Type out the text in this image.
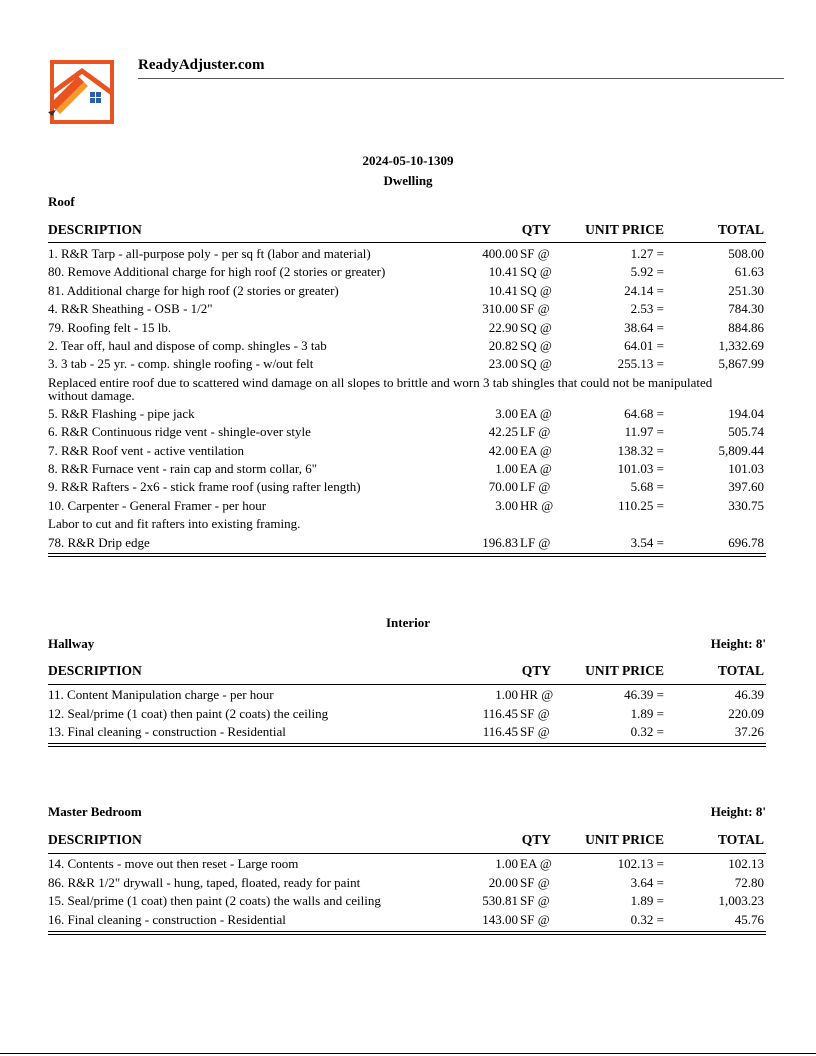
ReadyAdjuster.com
2024-05-10-1309
Dwelling
Roof
DESCRIPTION	QTY	UNIT PRICE	TOTAL
1. R&R Tarp - all-purpose poly - per sq ft (labor and material)	400.00 SF @	1.27 =	508.00
80. Remove Additional charge for high roof (2 stories or greater)	10.41 SQ @	5.92 =	61.63
81. Additional charge for high roof (2 stories or greater)	10.41 SQ @	24.14 =	251.30
4. R&R Sheathing - OSB - 1/2"	310.00 SF @	2.53 =	784.30
79. Roofing felt - 15 lb.	22.90 SQ @	38.64 =	884.86
2. Tear off, haul and dispose of comp. shingles - 3 tab	20.82 SQ @	64.01 =	1,332.69
3. 3 tab - 25 yr. - comp. shingle roofing - w/out felt	23.00 SQ @	255.13 =	5,867.99
Replaced entire roof due to scattered wind damage on all slopes to brittle and worn 3 tab shingles that could not be manipulated
without damage.
5. R&R Flashing - pipe jack	3.00 EA @	64.68 =	194.04
6. R&R Continuous ridge vent - shingle-over style	42.25 LF @	11.97 =	505.74
7. R&R Roof vent - active ventilation	42.00 EA @	138.32 =	5,809.44
8. R&R Furnace vent - rain cap and storm collar, 6"	1.00 EA @	101.03 =	101.03
9. R&R Rafters - 2x6 - stick frame roof (using rafter length)	70.00 LF @	5.68 =	397.60
10. Carpenter - General Framer - per hour	3.00 HR @	110.25 =	330.75
Labor to cut and fit rafters into existing framing.
78. R&R Drip edge	196.83 LF @	3.54 =	696.78
Interior
Hallway	Height: 8'
DESCRIPTION	QTY	UNIT PRICE	TOTAL
11. Content Manipulation charge - per hour	1.00 HR @	46.39 =	46.39
12. Seal/prime (1 coat) then paint (2 coats) the ceiling	116.45 SF @	1.89 =	220.09
13. Final cleaning - construction - Residential	116.45 SF @	0.32 =	37.26
Master Bedroom	Height: 8'
DESCRIPTION	QTY	UNIT PRICE	TOTAL
14. Contents - move out then reset - Large room	1.00 EA @	102.13 =	102.13
86. R&R 1/2" drywall - hung, taped, floated, ready for paint	20.00 SF @	3.64 =	72.80
15. Seal/prime (1 coat) then paint (2 coats) the walls and ceiling	530.81 SF @	1.89 =	1,003.23
16. Final cleaning - construction - Residential	143.00 SF @	0.32 =	45.76
